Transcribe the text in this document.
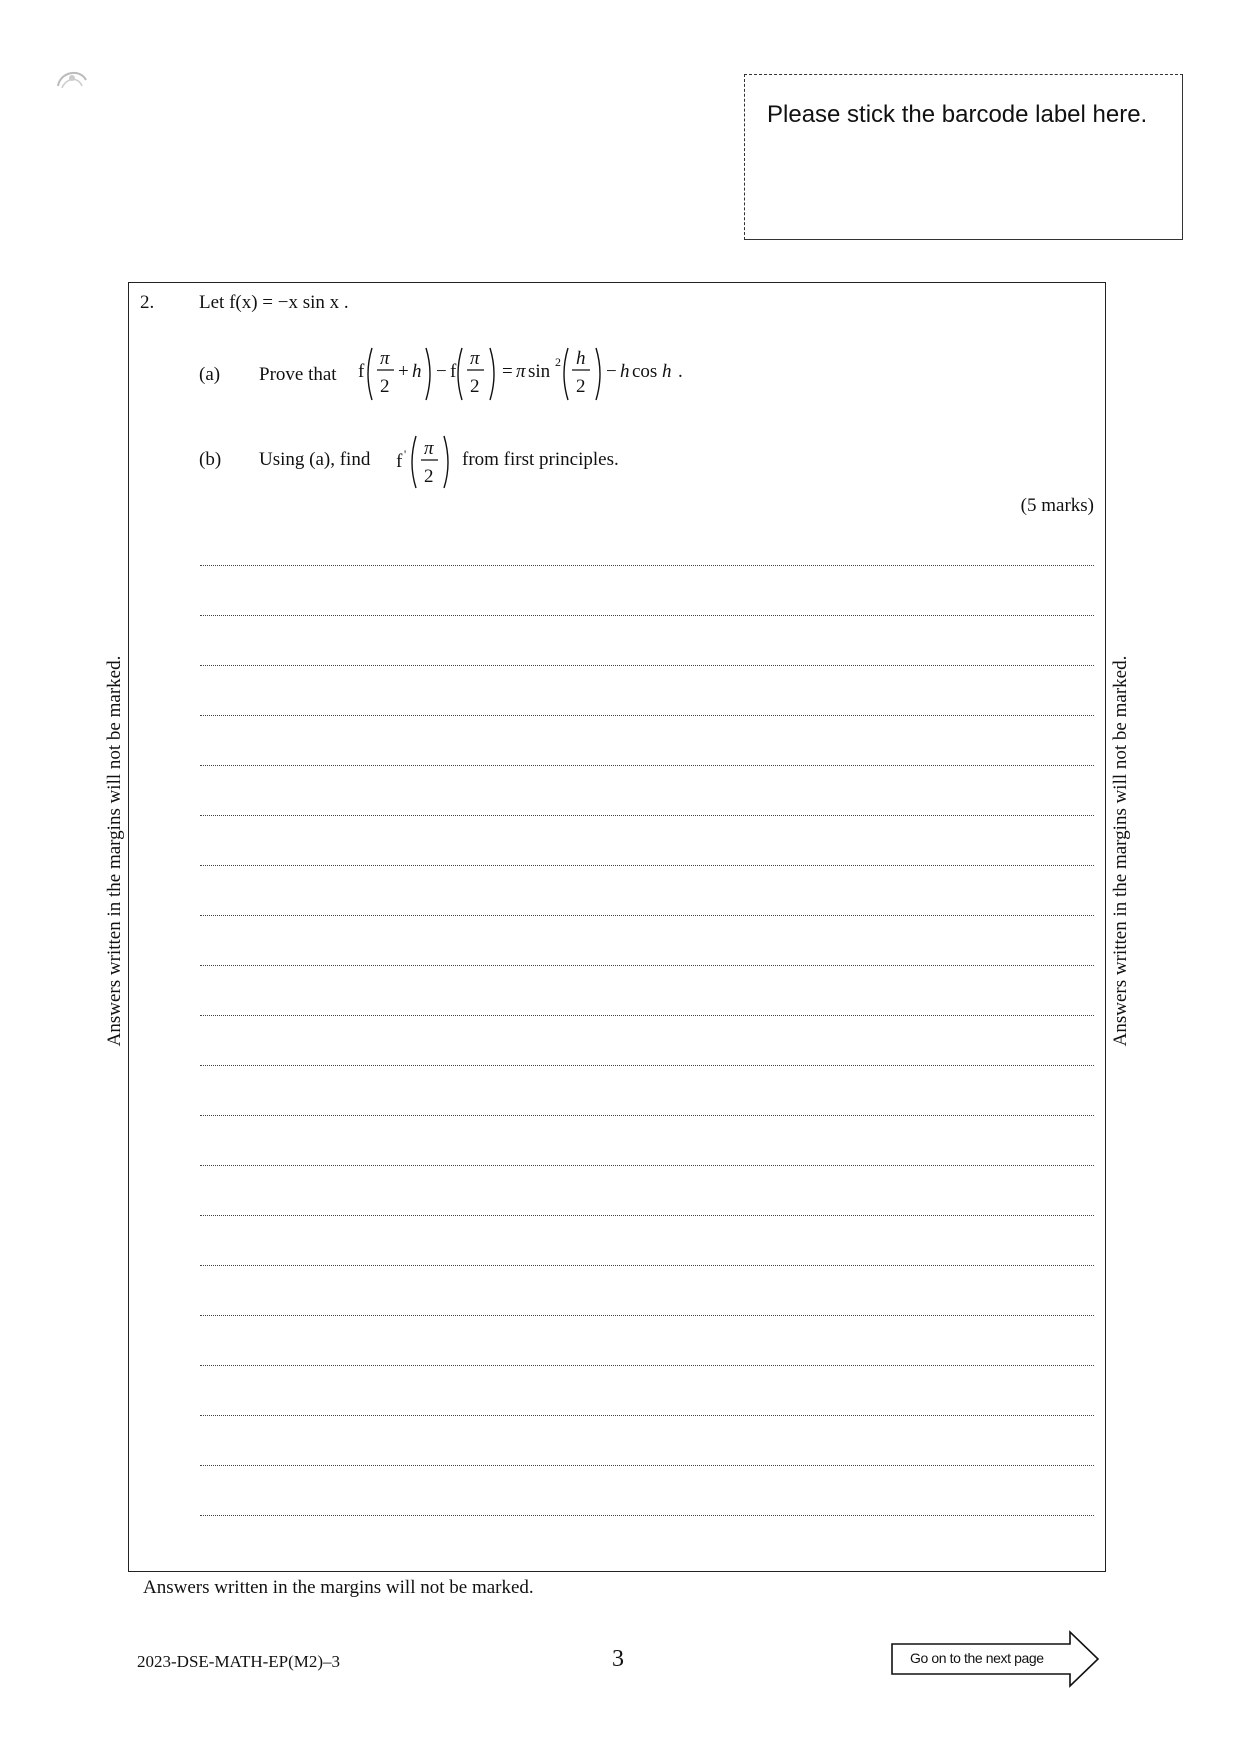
Please stick the barcode label here.
Answers written in the margins will not be marked.	Answers written in the margins will not be marked.
2. Let f(x) = −x sin x .
(a) Prove that f
π
2
+ h − f
π
2
= π sin 2 h
2
− h cos h .
(b) Using (a), find f ' π
2
from first principles.
(5 marks)
Answers written in the margins will not be marked.
2023-DSE-MATH-EP(M2)–3	3	Go on to the next page
